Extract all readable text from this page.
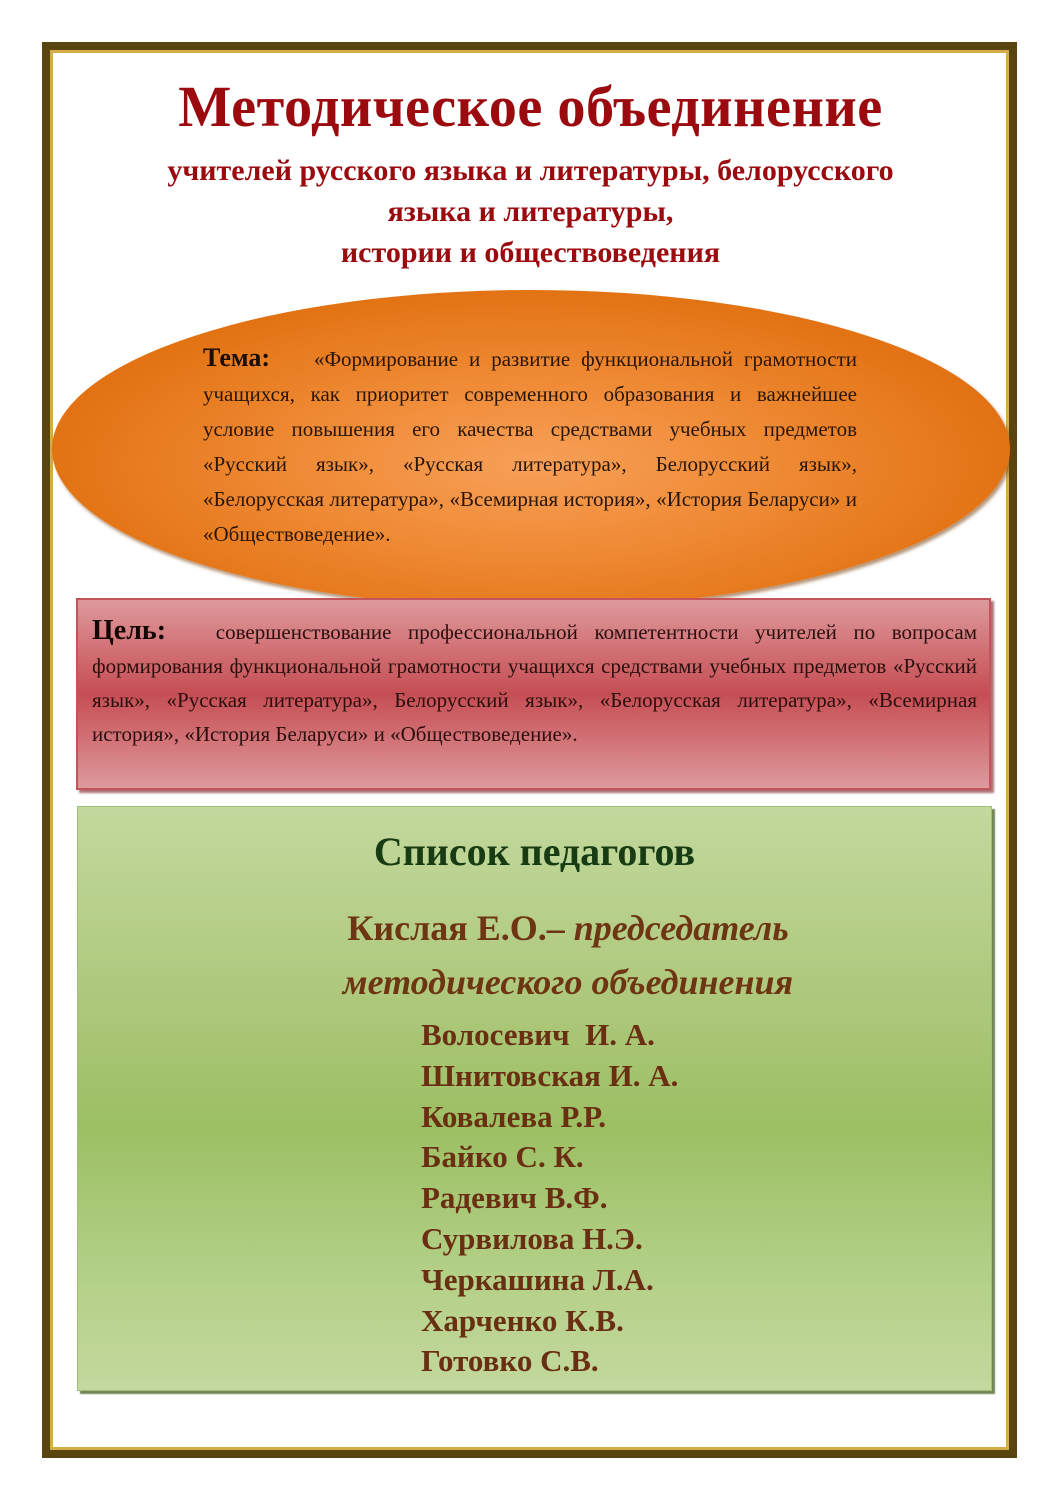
Методическое объединение
учителей русского языка и литературы, белорусского
языка и литературы,
истории и обществоведения
Тема: «Формирование и развитие функциональной грамотности учащихся, как приоритет современного образования и важнейшее условие повышения его качества средствами учебных предметов «Русский язык», «Русская литература», Белорусский язык», «Белорусская литература», «Всемирная история», «История Беларуси» и «Обществоведение».
Цель: совершенствование профессиональной компетентности учителей по вопросам формирования функциональной грамотности учащихся средствами учебных предметов «Русский язык», «Русская литература», Белорусский язык», «Белорусская литература», «Всемирная история», «История Беларуси» и «Обществоведение».
Список педагогов
Кислая Е.О.– председатель
методического объединения
Волосевич  И. А.
Шнитовская И. А.
Ковалева Р.Р.
Байко С. К.
Радевич В.Ф.
Сурвилова Н.Э.
Черкашина Л.А.
Харченко К.В.
Готовко С.В.
